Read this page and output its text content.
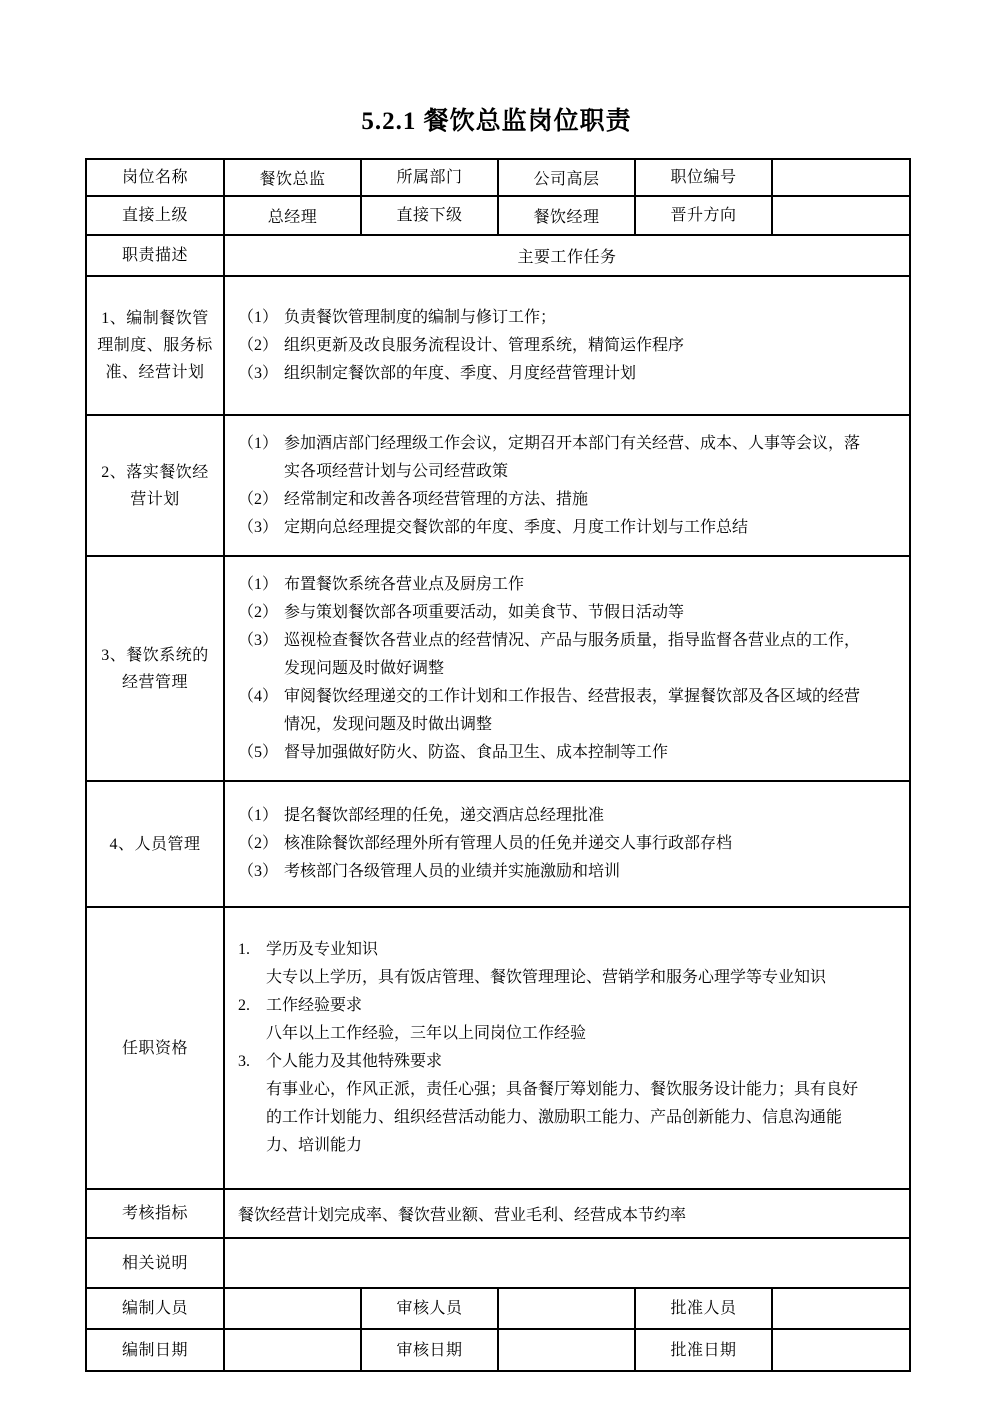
5.2.1 餐饮总监岗位职责
岗位名称	餐饮总监	所属部门	公司高层	职位编号	
直接上级	总经理	直接下级	餐饮经理	晋升方向	
职责描述	主要工作任务				
1、编制餐饮管理制度、服务标准、经营计划	
（1） 负责餐饮管理制度的编制与修订工作；
（2） 组织更新及改良服务流程设计、管理系统，精简运作程序
（3） 组织制定餐饮部的年度、季度、月度经营管理计划

2、落实餐饮经营计划	
（1） 参加酒店部门经理级工作会议，定期召开本部门有关经营、成本、人事等会议，落实各项经营计划与公司经营政策
（2） 经常制定和改善各项经营管理的方法、措施
（3） 定期向总经理提交餐饮部的年度、季度、月度工作计划与工作总结

3、餐饮系统的经营管理	
（1） 布置餐饮系统各营业点及厨房工作
（2） 参与策划餐饮部各项重要活动，如美食节、节假日活动等
（3） 巡视检查餐饮各营业点的经营情况、产品与服务质量，指导监督各营业点的工作，发现问题及时做好调整
（4） 审阅餐饮经理递交的工作计划和工作报告、经营报表，掌握餐饮部及各区域的经营情况，发现问题及时做出调整
（5） 督导加强做好防火、防盗、食品卫生、成本控制等工作

4、人员管理	
（1） 提名餐饮部经理的任免，递交酒店总经理批准
（2） 核准除餐饮部经理外所有管理人员的任免并递交人事行政部存档
（3） 考核部门各级管理人员的业绩并实施激励和培训

任职资格	
1.	学历及专业知识
大专以上学历，具有饭店管理、餐饮管理理论、营销学和服务心理学等专业知识
2.	工作经验要求
八年以上工作经验，三年以上同岗位工作经验
3.	个人能力及其他特殊要求
有事业心，作风正派，责任心强；具备餐厅筹划能力、餐饮服务设计能力；具有良好的工作计划能力、组织经营活动能力、激励职工能力、产品创新能力、信息沟通能力、培训能力

考核指标	餐饮经营计划完成率、餐饮营业额、营业毛利、经营成本节约率				
相关说明					
编制人员		审核人员		批准人员	
编制日期		审核日期		批准日期	
